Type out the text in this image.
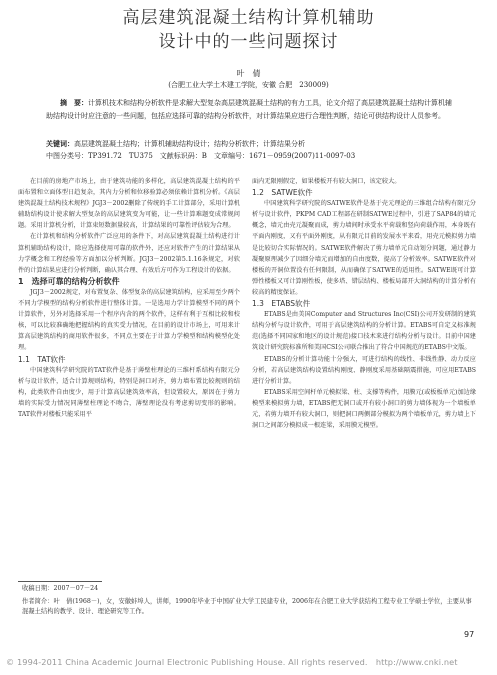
高层建筑混凝土结构计算机辅助
设计中的一些问题探讨
叶　倩
(合肥工业大学土木建工学院，安徽 合肥　230009)
摘　要：计算机技术和结构分析软件是求解大型复杂高层建筑混凝土结构的有力工具，论文介绍了高层建筑混凝土结构计算机辅助结构设计时应注意的一些问题，包括应选择可靠的结构分析软件，对计算结果应进行合理性判断，结论可供结构设计人员参考。
关键词：高层建筑混凝土结构；计算机辅助结构设计；结构分析软件；计算结果分析
中图分类号：TP391.72　TU375　文献标识码：B　文章编号：1671－0959(2007)11-0097-03

在目前的房地产市场上，由于建筑功能的多样化，高层建筑混凝土结构的平面布置和立面体型日趋复杂，其内力分析和位移验算必须依赖计算机分析。《高层建筑混凝土结构技术规程》JGJ3－2002删除了传统的手工计算部分，采用计算机辅助结构设计使求解大型复杂的高层建筑变为可能，让一些计算难题变成常规问题。采用计算机分析，计算束短数据量较高，计算结果的可靠性评估较为合理。

在计算机和结构分析软件广泛应用的条件下，对高层建筑混凝土结构进行计算机辅助结构设计，除应选择使用可靠的软件外，还应对软件产生的计算结果从力学概念和工程经验等方面加以分析判断。JGJ3－2002第5.1.16条规定，对软件的计算结果应进行分析判断，确认其合理、有效后方可作为工程设计的依据。

1　选择可靠的结构分析软件

JGJ3－2002规定，对布置复杂、体型复杂的高层建筑结构，应采用至少两个不同力学模型的结构分析软件进行整体计算。一是选用力学计算模型不同的两个计算软件，另外对选择采用一个程序内含的两个软件，这样有利于互相比较和校核，可以比较准确地把握结构的真实受力情况，在目前的设计市场上，可用来计算高层建筑结构的商用软件很多，不同点主要在于计算力学模型和结构模型化处理。

1.1　TAT软件

中国建筑科学研究院的TAT软件是基于薄壁柱理论的三维杆系结构有限元分析与设计软件，适合计算规则结构，特别是洞口对齐，剪力墙布置比较规则的结构，此类软件自由度少，用于计算高层建筑效率高，但设置较大，原因在于剪力墙的实际受力情况同薄壁柱理论不吻合，薄壁理论没有考虑剪切变形的影响。TAT软件对楼板只能采用平

面内无限刚假定，如果楼板开有较大洞口，该定较大。

1.2　SATWE软件

中国建筑科学研究院的SATWE软件是基于壳元理论的三维组合结构有限元分析与设计软件，PKPM CAD工程部在研制SATWE过程中，引进了SAP84的墙元概念，墙元由壳元凝聚而成，剪力墙间时承受水平荷载和竖向荷载作用，本身既有平面内刚度，又有平面外刚度，从有限元目前的发展水平来看，用壳元模拟剪力墙是比较切合实际情况的。SATWE软件解决了剪力墙单元自动划分问题，通过静力凝聚原理减少了因细分墙元而增加的自由度数，提高了分析效率。SATWE软件对楼板的开洞位置没有任何限制，从而确保了SATWE的适用性。SATWE既可计算弹性楼板又可计算刚性板，使多塔、错层结构、楼板局部开大洞结构的计算分析有较高的精度保证。

1.3　ETABS软件

ETABS是由美国Computer and Structures Inc(CSI)公司开发研制的建筑结构分析与设计软件，可用于高层建筑结构的分析计算。ETABS可自定义标准规范(选择不同国家和地区的设计规范)接口技术来进行结构分析与设计。目前中国建筑设计研究院标准所和美国CSI公司联合推出了符合中国规范的ETABS中文版。

ETABS的分析计算功能十分强大，可进行结构的线性、非线性静、动力反应分析，若高层建筑结构设置结构刚度、静刚度采用基础隔震措施，可应用ETABS进行分析计算。

ETABS采用空间杆单元模拟梁、柱、支撑等构件，用膜元(或板板单元)加边缘模型来模拟剪力墙，ETABS把无洞口或开有较小洞口的剪力墙体视为一个墙板单元，若剪力墙开有较大洞口，则把洞口两侧部分模拟为两个墙板单元，剪力墙上下洞口之间部分模拟成一根连梁，采用膜元模型。

收稿日期：2007－07－24
作者简介：叶　倩(1968－)，女，安徽蚌埠人，讲师，1990年毕业于中国矿业大学工民建专业，2006年在合肥工业大学获结构工程专业工学硕士学位，主要从事混凝土结构的教学、设计、理论研究等工作。
97
© 1994-2011 China Academic Journal Electronic Publishing House. All rights reserved.　http://www.cnki.net
